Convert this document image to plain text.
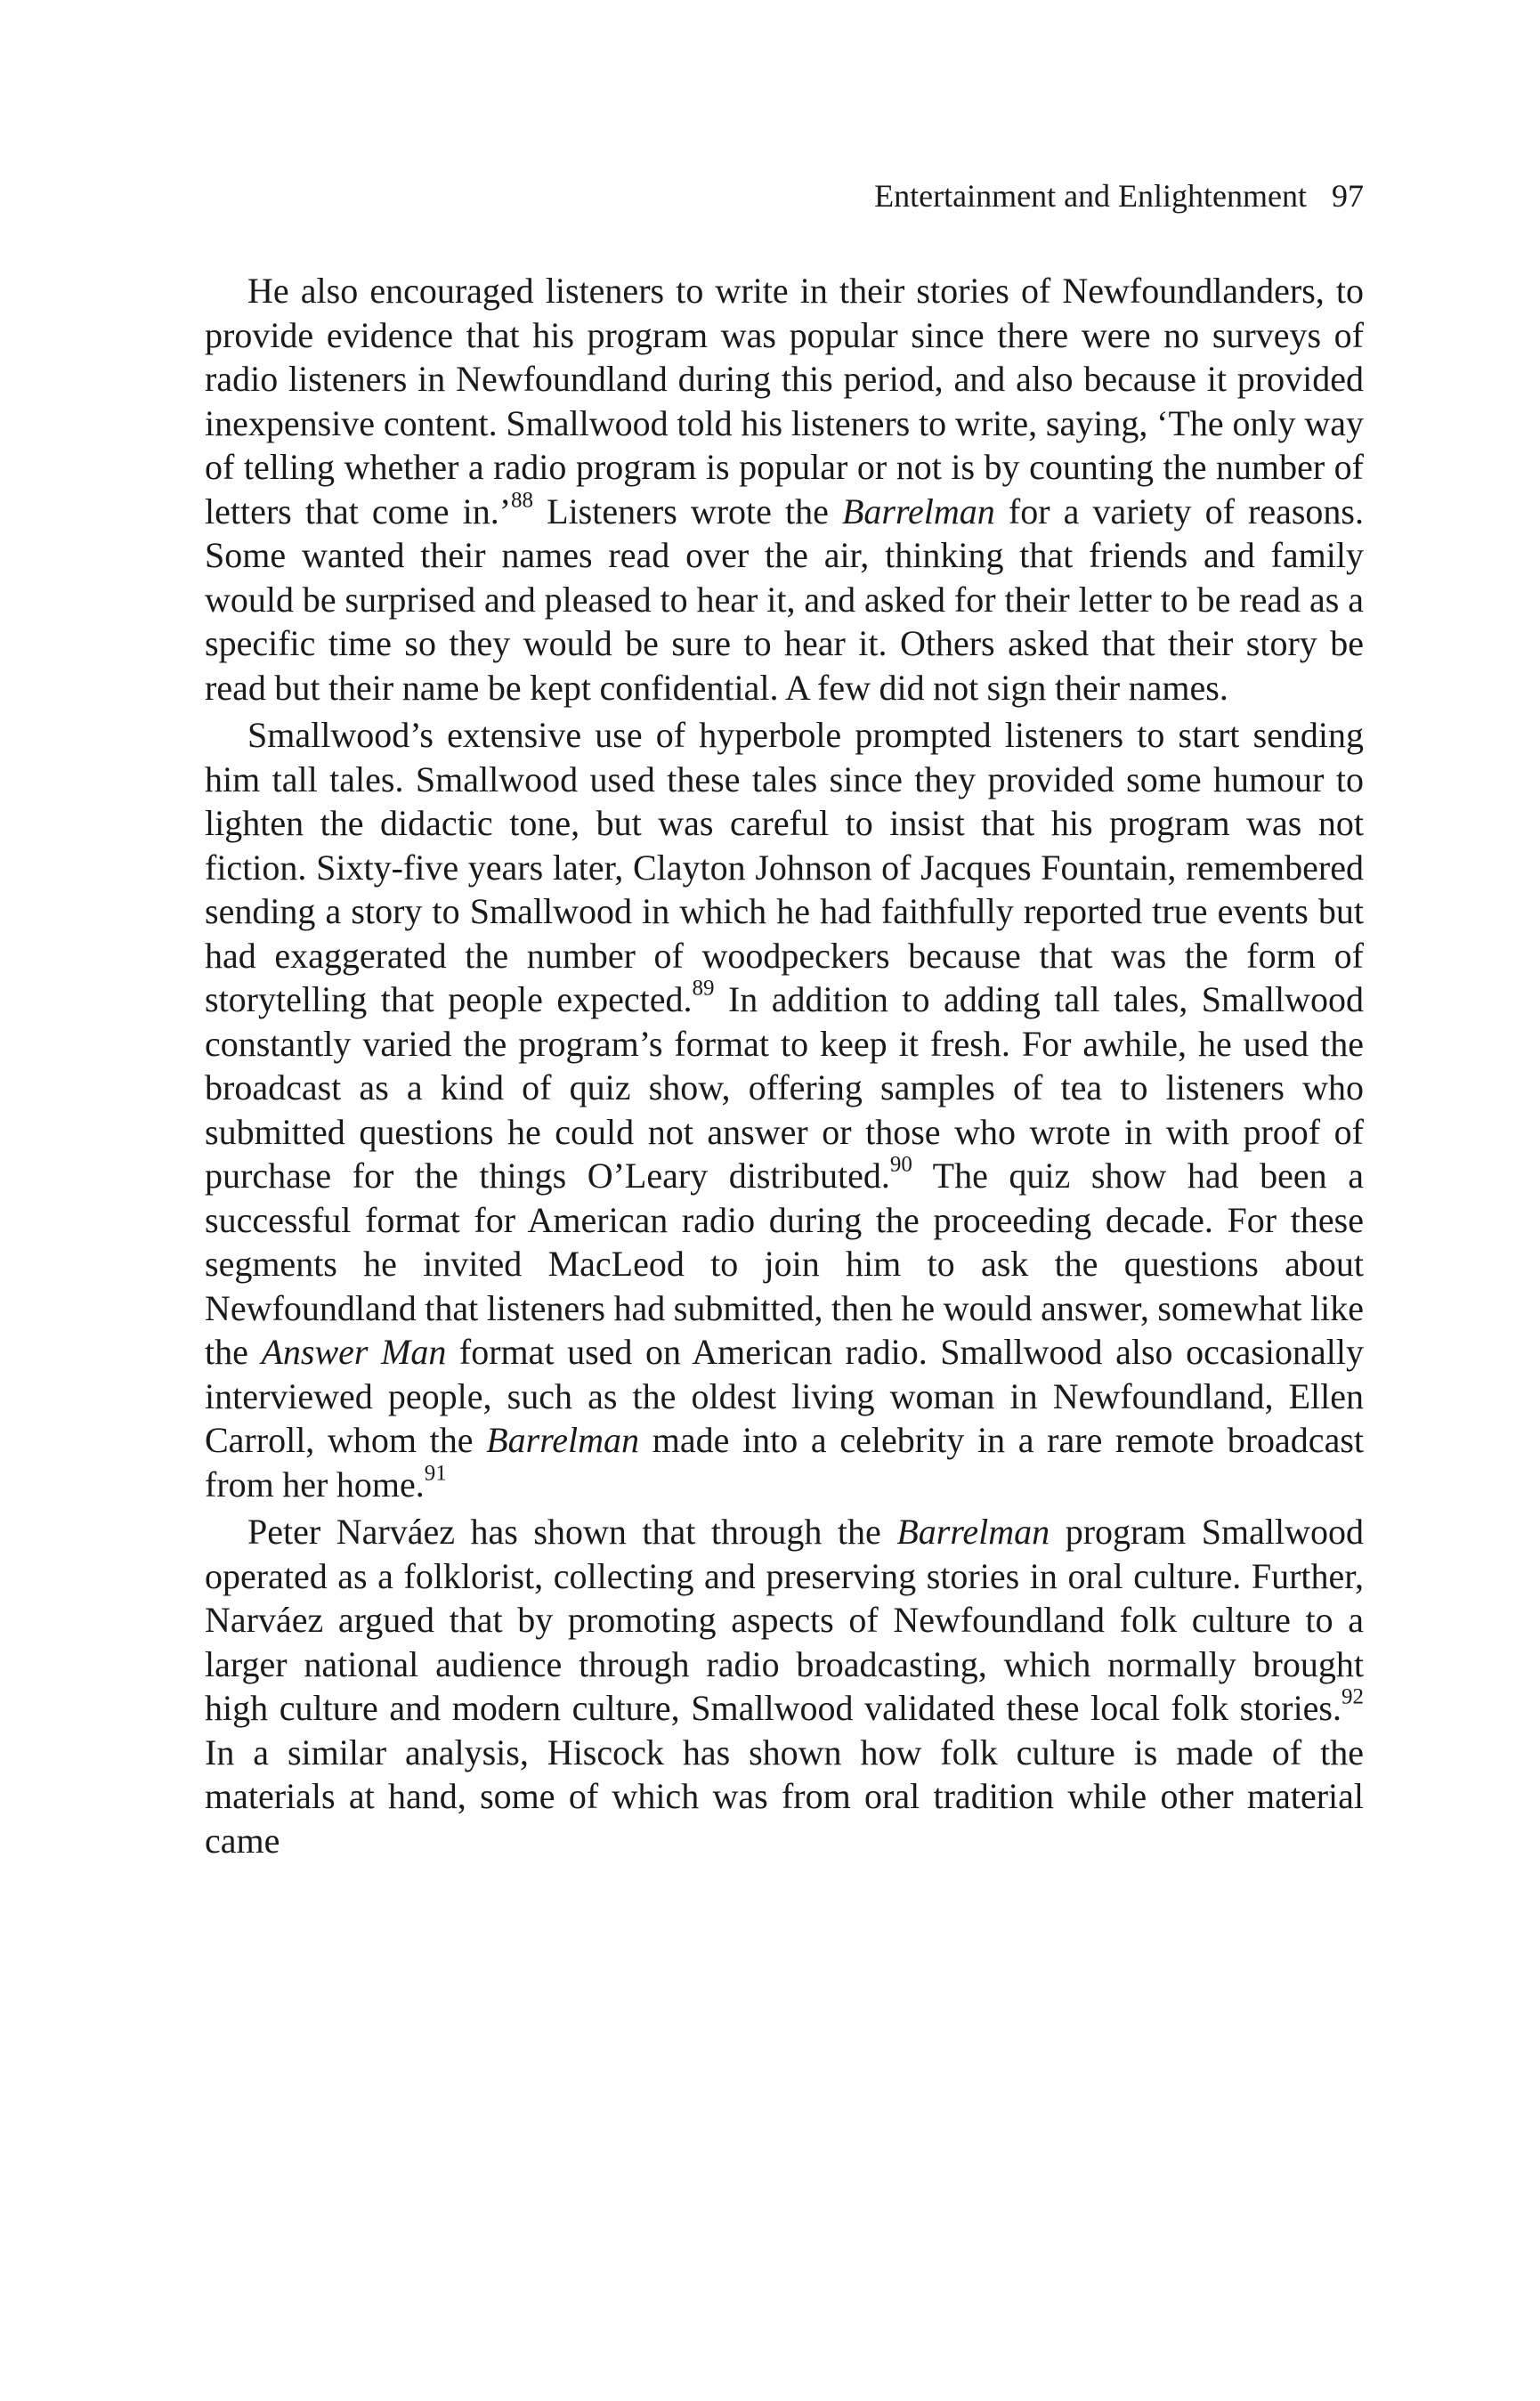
Entertainment and Enlightenment 97

He also encouraged listeners to write in their stories of Newfoundlanders, to provide evidence that his program was popular since there were no surveys of radio listeners in Newfoundland during this period, and also because it provided inexpensive content. Smallwood told his listeners to write, saying, ‘The only way of telling whether a radio program is popular or not is by counting the number of letters that come in.’$^{88}$ Listeners wrote the Barrelman for a variety of reasons. Some wanted their names read over the air, thinking that friends and family would be surprised and pleased to hear it, and asked for their letter to be read as a specific time so they would be sure to hear it. Others asked that their story be read but their name be kept confidential. A few did not sign their names.

Smallwood’s extensive use of hyperbole prompted listeners to start sending him tall tales. Smallwood used these tales since they provided some humour to lighten the didactic tone, but was careful to insist that his program was not fiction. Sixty-five years later, Clayton Johnson of Jacques Fountain, remembered sending a story to Smallwood in which he had faithfully reported true events but had exaggerated the number of woodpeckers because that was the form of storytelling that people expected.$^{89}$ In addition to adding tall tales, Smallwood constantly varied the program’s format to keep it fresh. For awhile, he used the broadcast as a kind of quiz show, offering samples of tea to listeners who submitted questions he could not answer or those who wrote in with proof of purchase for the things O’Leary distributed.$^{90}$ The quiz show had been a successful format for American radio during the proceeding decade. For these segments he invited MacLeod to join him to ask the questions about Newfoundland that listeners had submitted, then he would answer, somewhat like the Answer Man format used on American radio. Smallwood also occasionally interviewed people, such as the oldest living woman in Newfoundland, Ellen Carroll, whom the Barrelman made into a celebrity in a rare remote broadcast from her home.$^{91}$

Peter Narváez has shown that through the Barrelman program Smallwood operated as a folklorist, collecting and preserving stories in oral culture. Further, Narváez argued that by promoting aspects of Newfoundland folk culture to a larger national audience through radio broadcasting, which normally brought high culture and modern culture, Smallwood validated these local folk stories.$^{92}$ In a similar analysis, Hiscock has shown how folk culture is made of the materials at hand, some of which was from oral tradition while other material came
